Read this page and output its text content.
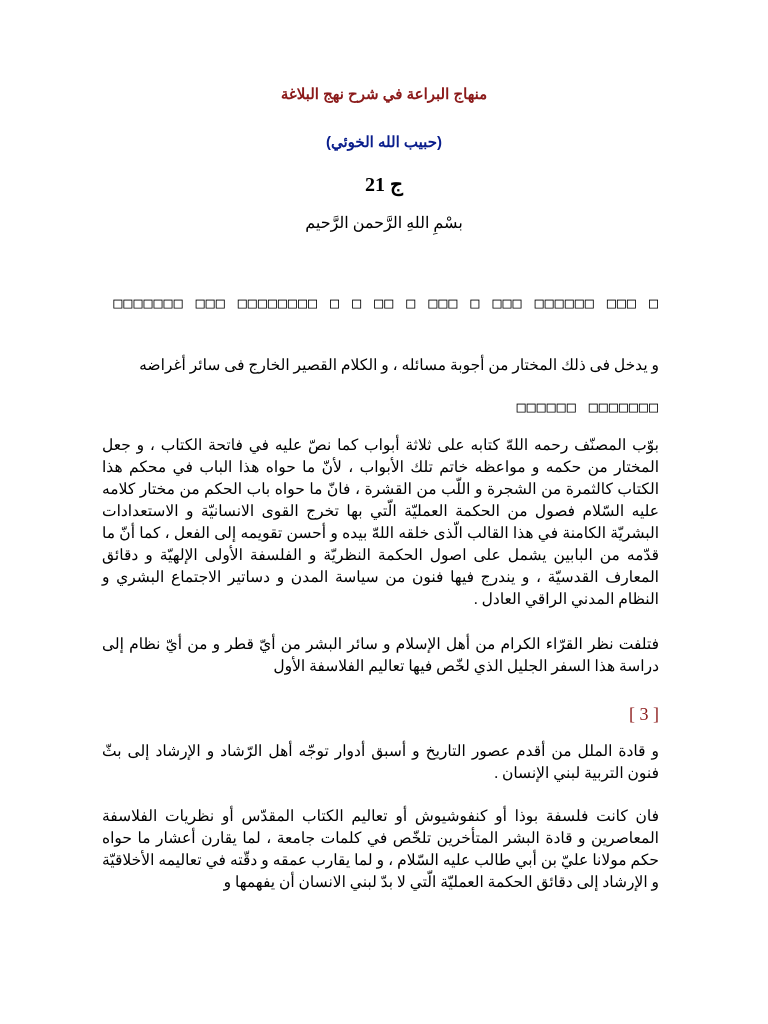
منهاج البراعة في شرح نهج البلاغة
(حبيب الله الخوئي)
ج 21
بسْمِ اللهِ الرَّحمن الرَّحيم
□ □□□ □□□□□□ □□□ □ □□□ □ □□ □ □ □□□□□□□□ □□□ □□□□□□□
و يدخل فى ذلك المختار من أجوبة مسائله ، و الكلام القصير الخارج فى سائر أغراضه
□□□□□□□ □□□□□□
بوّب المصنّف رحمه اللهّ كتابه على ثلاثة أبواب كما نصّ عليه في فاتحة الكتاب ، و جعل المختار من حكمه و مواعظه خاتم تلك الأبواب ، لأنّ ما حواه هذا الباب في محكم هذا الكتاب كالثمرة من الشجرة و اللّب من القشرة ، فانّ ما حواه باب الحكم من مختار كلامه عليه السّلام فصول من الحكمة العمليّة الّتي بها تخرج القوى الانسانيّة و الاستعدادات البشريّة الكامنة في هذا القالب الّذى خلقه اللهّ بيده و أحسن تقويمه إلى الفعل ، كما أنّ ما قدّمه من البابين يشمل على اصول الحكمة النظريّة و الفلسفة الأولى الإلهيّة و دقائق المعارف القدسيّة ، و يندرج فيها فنون من سياسة المدن و دساتير الاجتماع البشري و النظام المدني الراقي العادل .
فتلفت نظر القرّاء الكرام من أهل الإسلام و سائر البشر من أيّ قطر و من أيّ نظام إلى دراسة هذا السفر الجليل الذي لخّص فيها تعاليم الفلاسفة الأول
[ 3 ]
و قادة الملل من أقدم عصور التاريخ و أسبق أدوار توجّه أهل الرّشاد و الإرشاد إلى بثّ فنون التربية لبني الإنسان .
فان كانت فلسفة بوذا أو كنفوشيوش أو تعاليم الكتاب المقدّس أو نظريات الفلاسفة المعاصرين و قادة البشر المتأخرين تلخّص في كلمات جامعة ، لما يقارن أعشار ما حواه حكم مولانا عليّ بن أبي طالب عليه السّلام ، و لما يقارب عمقه و دقّته في تعاليمه الأخلاقيّة و الإرشاد إلى دقائق الحكمة العمليّة الّتي لا بدّ لبني الانسان أن يفهمها و
